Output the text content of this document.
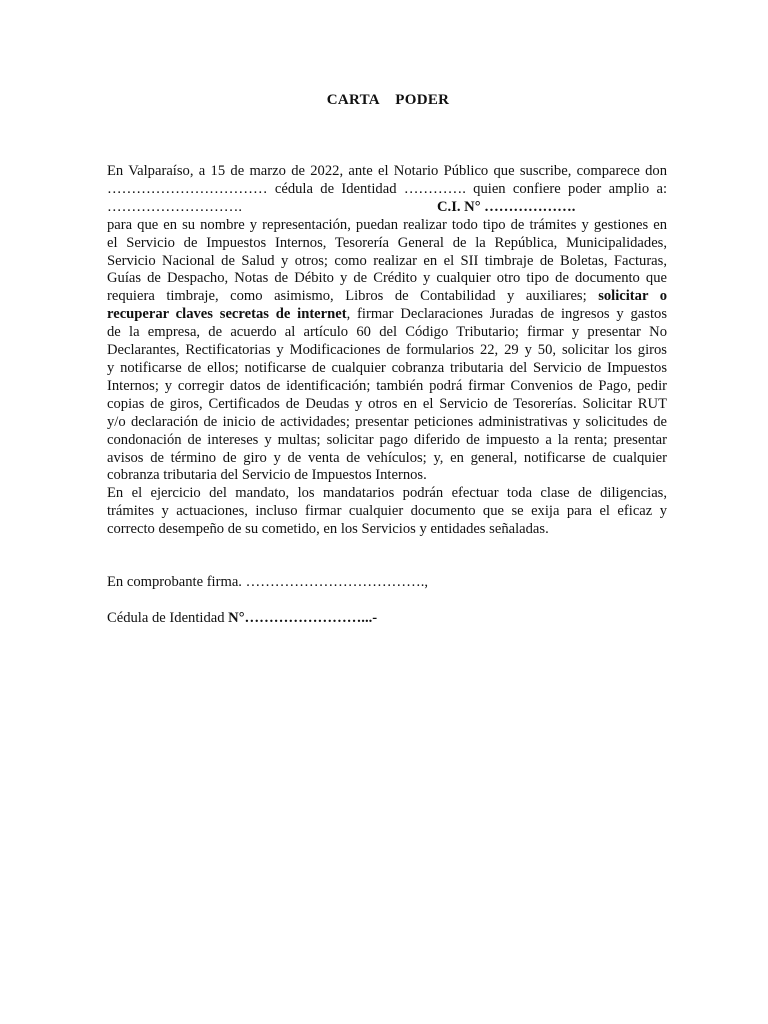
CARTA    PODER
En Valparaíso, a 15 de marzo de 2022, ante el Notario Público que suscribe, comparece don
…………………………… cédula de Identidad …………. quien confiere poder amplio a:
……………………….	C.I. N° ……………….
para que en su nombre y representación, puedan realizar todo tipo de trámites y gestiones en
el Servicio de Impuestos Internos, Tesorería General de la República, Municipalidades,
Servicio Nacional de Salud y otros; como realizar en el SII timbraje de Boletas, Facturas,
Guías de Despacho, Notas de Débito y de Crédito y cualquier otro tipo de documento que
requiera timbraje, como asimismo, Libros de Contabilidad y auxiliares; solicitar o
recuperar claves secretas de internet, firmar Declaraciones Juradas de ingresos y gastos
de la empresa, de acuerdo al artículo 60 del Código Tributario; firmar y presentar No
Declarantes, Rectificatorias y Modificaciones de formularios 22, 29 y 50, solicitar los giros
y notificarse de ellos; notificarse de cualquier cobranza tributaria del Servicio de Impuestos
Internos; y corregir datos de identificación; también podrá firmar Convenios de Pago, pedir
copias de giros, Certificados de Deudas y otros en el Servicio de Tesorerías. Solicitar RUT
y/o declaración de inicio de actividades; presentar peticiones administrativas y solicitudes de
condonación de intereses y multas; solicitar pago diferido de impuesto a la renta; presentar
avisos de término de giro y de venta de vehículos; y, en general, notificarse de cualquier
cobranza tributaria del Servicio de Impuestos Internos.
En el ejercicio del mandato, los mandatarios podrán efectuar toda clase de diligencias,
trámites y actuaciones, incluso firmar cualquier documento que se exija para el eficaz y
correcto desempeño de su cometido, en los Servicios y entidades señaladas.
En comprobante firma. ……………………………….,
Cédula de Identidad N°……………………...-
